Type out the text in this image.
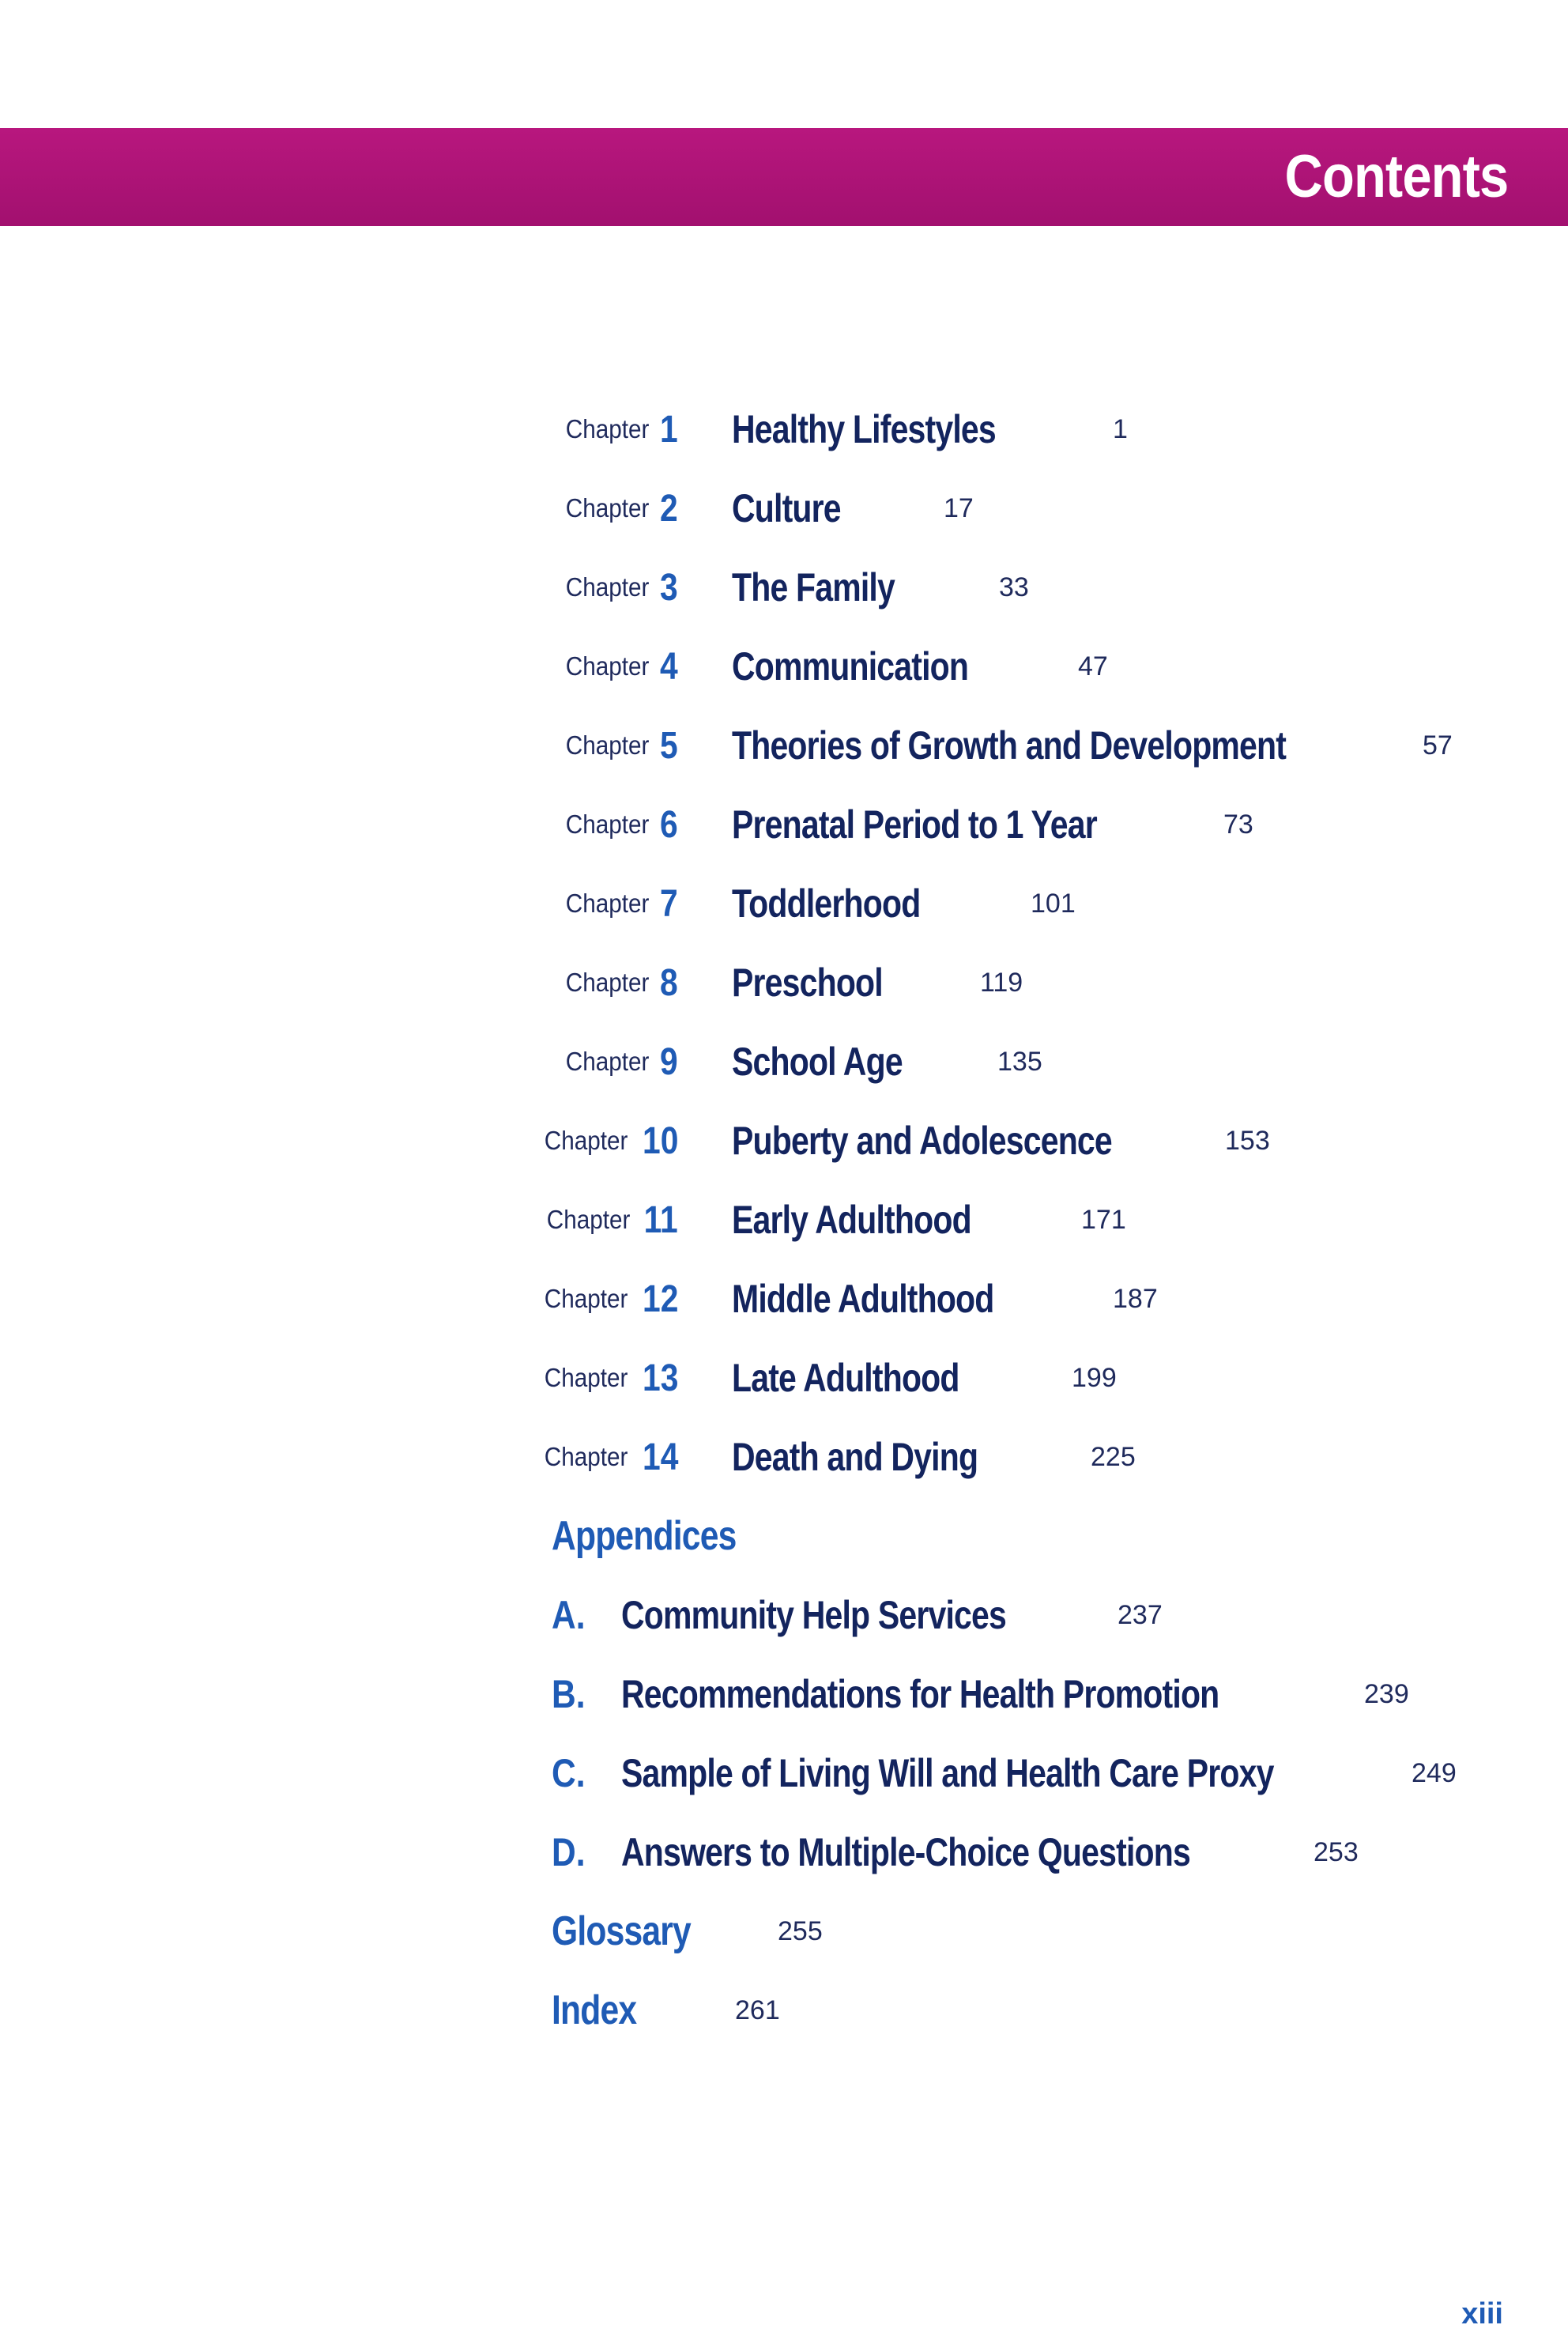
Contents
Chapter 1 Healthy Lifestyles	1
Chapter 2 Culture	17
Chapter 3 The Family	33
Chapter 4 Communication	47
Chapter 5 Theories of Growth and Development	57
Chapter 6 Prenatal Period to 1 Year	73
Chapter 7 Toddlerhood	101
Chapter 8 Preschool	119
Chapter 9 School Age	135
Chapter 10 Puberty and Adolescence	153
Chapter 11 Early Adulthood	171
Chapter 12 Middle Adulthood	187
Chapter 13 Late Adulthood	199
Chapter 14 Death and Dying	225
Appendices
A. Community Help Services	237
B. Recommendations for Health Promotion	239
C. Sample of Living Will and Health Care Proxy	249
D. Answers to Multiple-Choice Questions	253
Glossary	255
Index	261
xiii
